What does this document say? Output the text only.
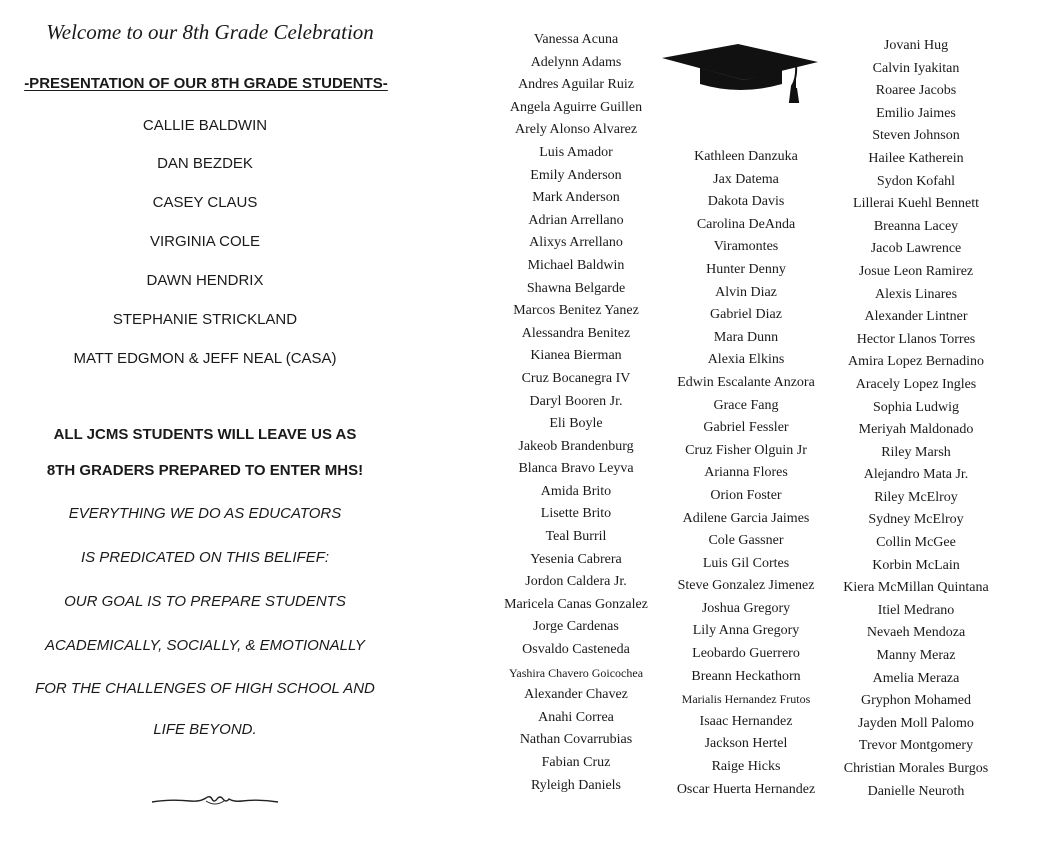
Welcome to our 8th Grade Celebration
-PRESENTATION OF OUR 8TH GRADE STUDENTS-
CALLIE BALDWIN
DAN BEZDEK
CASEY CLAUS
VIRGINIA COLE
DAWN HENDRIX
STEPHANIE STRICKLAND
MATT EDGMON & JEFF NEAL (CASA)
ALL JCMS STUDENTS WILL LEAVE US AS
8TH GRADERS PREPARED TO ENTER MHS!
EVERYTHING WE DO AS EDUCATORS
IS PREDICATED ON THIS BELIFEF:
OUR GOAL IS TO PREPARE STUDENTS
ACADEMICALLY, SOCIALLY, & EMOTIONALLY
FOR THE CHALLENGES OF HIGH SCHOOL AND
LIFE BEYOND.
Vanessa Acuna
Adelynn Adams
Andres Aguilar Ruiz
Angela Aguirre Guillen
Arely Alonso Alvarez
Luis Amador
Emily Anderson
Mark Anderson
Adrian Arrellano
Alixys Arrellano
Michael Baldwin
Shawna Belgarde
Marcos Benitez Yanez
Alessandra Benitez
Kianea Bierman
Cruz Bocanegra IV
Daryl Booren Jr.
Eli Boyle
Jakeob Brandenburg
Blanca Bravo Leyva
Amida Brito
Lisette Brito
Teal Burril
Yesenia Cabrera
Jordon Caldera Jr.
Maricela Canas Gonzalez
Jorge Cardenas
Osvaldo Casteneda
Yashira Chavero Goicochea
Alexander Chavez
Anahi Correa
Nathan Covarrubias
Fabian Cruz
Ryleigh Daniels
Kathleen Danzuka
Jax Datema
Dakota Davis
Carolina DeAnda
Viramontes
Hunter Denny
Alvin Diaz
Gabriel Diaz
Mara Dunn
Alexia Elkins
Edwin Escalante Anzora
Grace Fang
Gabriel Fessler
Cruz Fisher Olguin Jr
Arianna Flores
Orion Foster
Adilene Garcia Jaimes
Cole Gassner
Luis Gil Cortes
Steve Gonzalez Jimenez
Joshua Gregory
Lily Anna Gregory
Leobardo Guerrero
Breann Heckathorn
Marialis Hernandez Frutos
Isaac Hernandez
Jackson Hertel
Raige Hicks
Oscar Huerta Hernandez
Jovani Hug
Calvin Iyakitan
Roaree Jacobs
Emilio Jaimes
Steven Johnson
Hailee Katherein
Sydon Kofahl
Lillerai Kuehl Bennett
Breanna Lacey
Jacob Lawrence
Josue Leon Ramirez
Alexis Linares
Alexander Lintner
Hector Llanos Torres
Amira Lopez Bernadino
Aracely Lopez Ingles
Sophia Ludwig
Meriyah Maldonado
Riley Marsh
Alejandro Mata Jr.
Riley McElroy
Sydney McElroy
Collin McGee
Korbin McLain
Kiera McMillan Quintana
Itiel Medrano
Nevaeh Mendoza
Manny Meraz
Amelia Meraza
Gryphon Mohamed
Jayden Moll Palomo
Trevor Montgomery
Christian Morales Burgos
Danielle Neuroth
